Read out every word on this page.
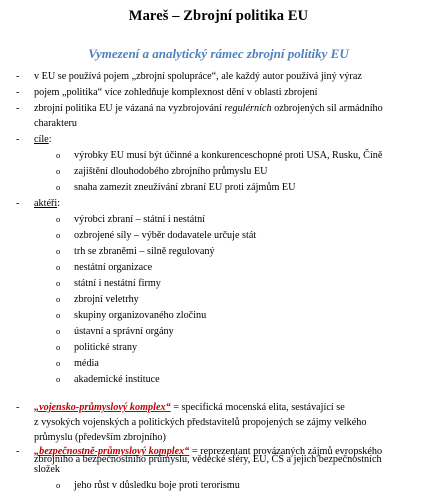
Mareš – Zbrojní politika EU
Vymezení a analytický rámec zbrojní politiky EU
- v EU se používá pojem „zbrojní spolupráce“, ale každý autor používá jiný výraz
- pojem „politika“ více zohledňuje komplexnost dění v oblasti zbrojení
- zbrojní politika EU je vázaná na vyzbrojování regulérních ozbrojených sil armádního
charakteru
- cíle:
o výrobky EU musí být účinné a konkurenceschopné proti USA, Rusku, Číně
o zajištění dlouhodobého zbrojního průmyslu EU
o snaha zamezit zneužívání zbraní EU proti zájmům EU
- aktéři:
o výrobci zbraní – státní i nestátní
o ozbrojené síly – výběr dodavatele určuje stát
o trh se zbraněmi – silně regulovaný
o nestátní organizace
o státní i nestátní firmy
o zbrojní veletrhy
o skupiny organizovaného zločinu
o ústavní a správní orgány
o politické strany
o média
o akademické instituce
- „vojensko-průmyslový komplex“ = specifická mocenská elita, sestávající se
z vysokých vojenských a politických představitelů propojených se zájmy velkého
průmyslu (především zbrojního)
- „bezpečnostně-průmyslový komplex“ = reprezentant provázaných zájmů evropského
zbrojního a bezpečnostního průmyslu, vědecké sféry, EU, ČS a jejich bezpečnostních
složek
o jeho růst v důsledku boje proti terorismu
